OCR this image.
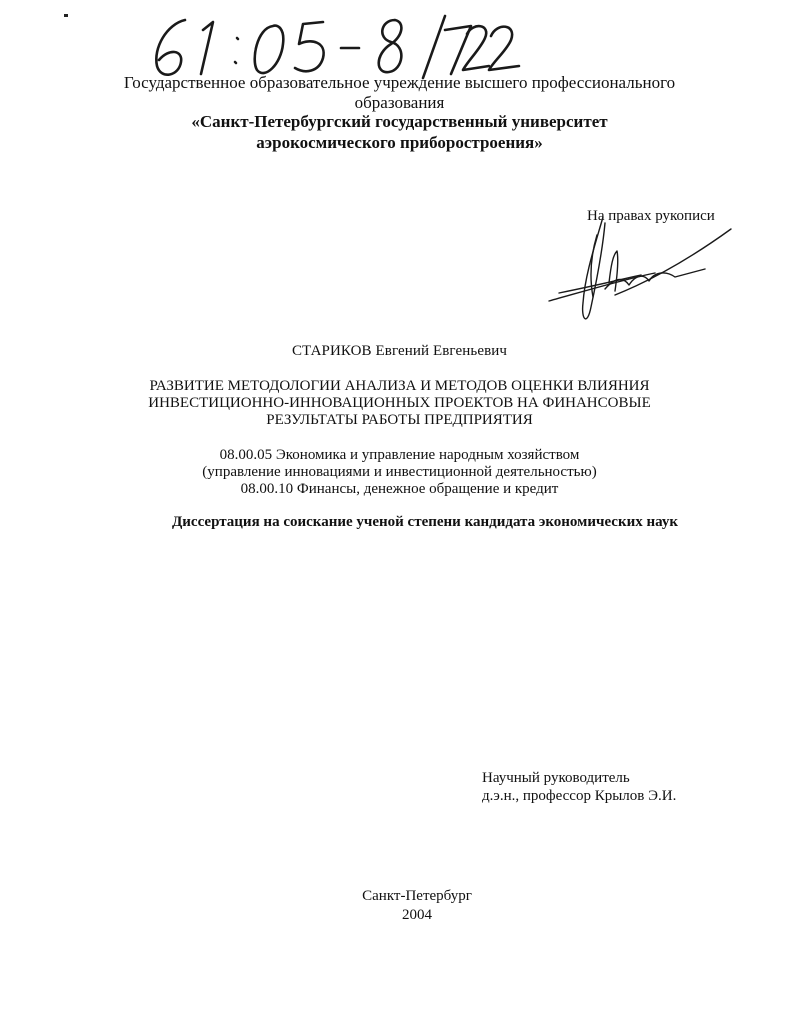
Государственное образовательное учреждение высшего профессионального
образования
«Санкт-Петербургский государственный университет
аэрокосмического приборостроения»
На правах рукописи
СТАРИКОВ Евгений Евгеньевич
РАЗВИТИЕ МЕТОДОЛОГИИ АНАЛИЗА И МЕТОДОВ ОЦЕНКИ ВЛИЯНИЯ
ИНВЕСТИЦИОННО-ИННОВАЦИОННЫХ ПРОЕКТОВ НА ФИНАНСОВЫЕ
РЕЗУЛЬТАТЫ РАБОТЫ ПРЕДПРИЯТИЯ
08.00.05 Экономика и управление народным хозяйством
(управление инновациями и инвестиционной деятельностью)
08.00.10 Финансы, денежное обращение и кредит
Диссертация на соискание ученой степени кандидата экономических наук
Научный руководитель
д.э.н., профессор Крылов Э.И.
Санкт-Петербург
2004
